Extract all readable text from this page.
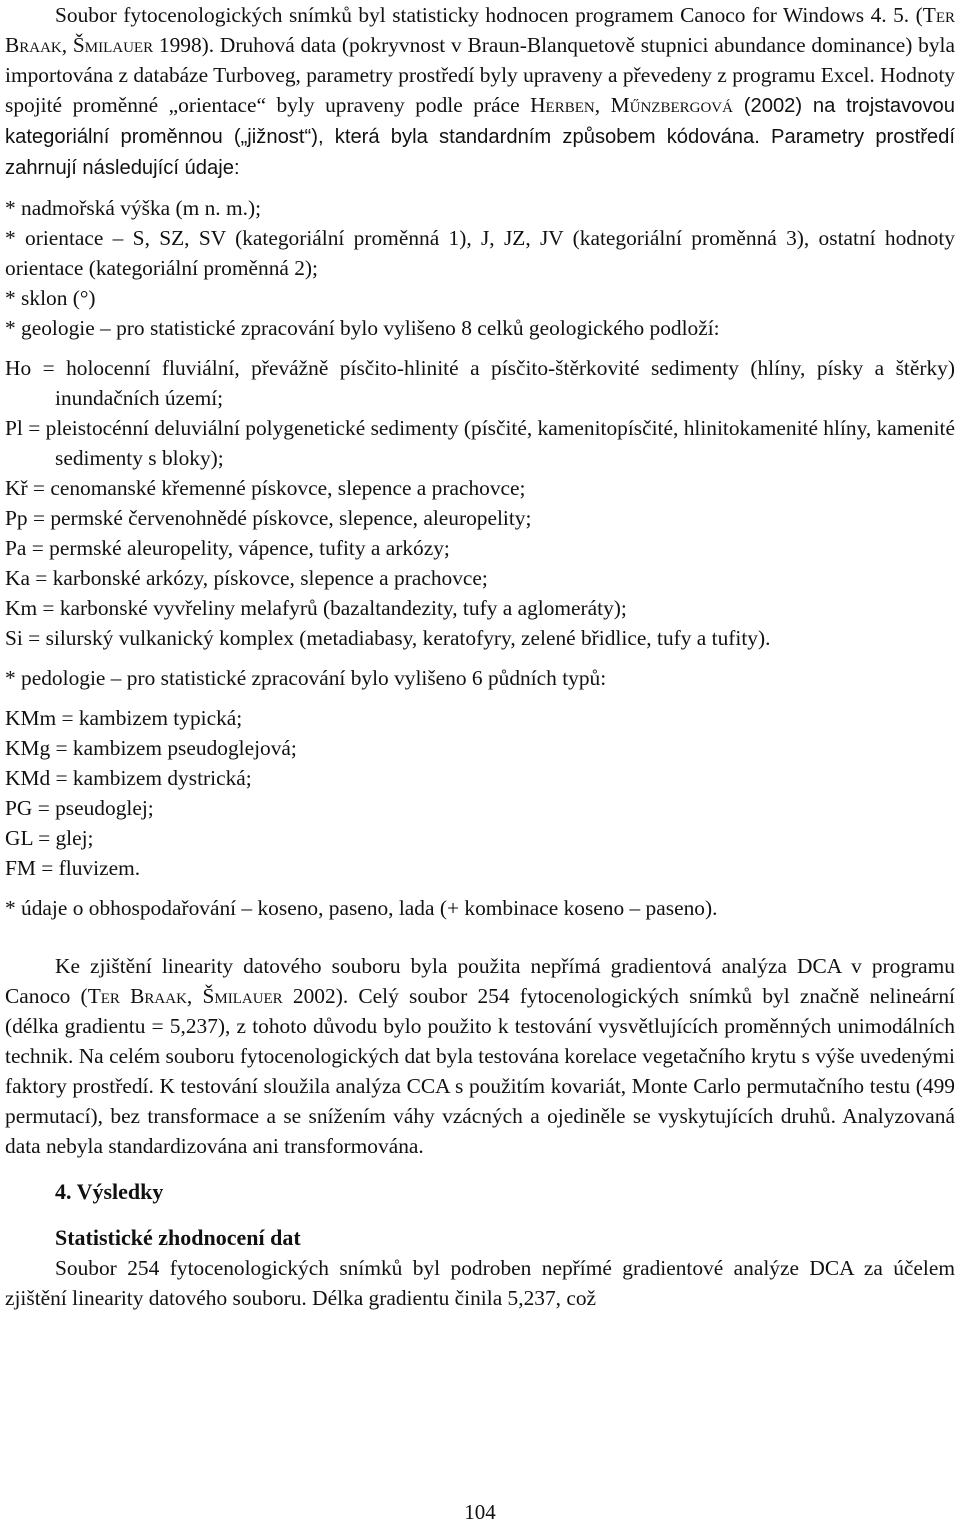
Soubor fytocenologických snímků byl statisticky hodnocen programem Canoco for Windows 4. 5. (Ter Braak, Šmilauer 1998). Druhová data (pokryvnost v Braun-Blanquetově stupnici abundance dominance) byla importována z databáze Turboveg, parametry prostředí byly upraveny a převedeny z programu Excel. Hodnoty spojité proměnné „orientace“ byly upraveny podle práce Herben, Műnzbergová (2002) na trojstavovou kategoriální proměnnou („jižnost“), která byla standardním způsobem kódována. Parametry prostředí zahrnují následující údaje:

* nadmořská výška (m n. m.);

* orientace – S, SZ, SV (kategoriální proměnná 1), J, JZ, JV (kategoriální proměnná 3), ostatní hodnoty orientace (kategoriální proměnná 2);

* sklon (°)

* geologie – pro statistické zpracování bylo vylišeno 8 celků geologického podloží:

Ho = holocenní fluviální, převážně písčito-hlinité a písčito-štěrkovité sedimenty (hlíny, písky a štěrky) inundačních území;

Pl = pleistocénní deluviální polygenetické sedimenty (písčité, kamenitopísčité, hlinitokamenité hlíny, kamenité sedimenty s bloky);

Kř = cenomanské křemenné pískovce, slepence a prachovce;

Pp = permské červenohnědé pískovce, slepence, aleuropelity;

Pa = permské aleuropelity, vápence, tufity a arkózy;

Ka = karbonské arkózy, pískovce, slepence a prachovce;

Km = karbonské vyvřeliny melafyrů (bazaltandezity, tufy a aglomeráty);

Si = silurský vulkanický komplex (metadiabasy, keratofyry, zelené břidlice, tufy a tufity).

* pedologie – pro statistické zpracování bylo vylišeno 6 půdních typů:

KMm = kambizem typická;

KMg = kambizem pseudoglejová;

KMd = kambizem dystrická;

PG = pseudoglej;

GL = glej;

FM = fluvizem.

* údaje o obhospodařování – koseno, paseno, lada (+ kombinace koseno – paseno).

Ke zjištění linearity datového souboru byla použita nepřímá gradientová analýza DCA v programu Canoco (Ter Braak, Šmilauer 2002). Celý soubor 254 fytocenologických snímků byl značně nelineární (délka gradientu = 5,237), z tohoto důvodu bylo použito k testování vysvětlujících proměnných unimodálních technik. Na celém souboru fytocenologických dat byla testována korelace vegetačního krytu s výše uvedenými faktory prostředí. K testování sloužila analýza CCA s použitím kovariát, Monte Carlo permutačního testu (499 permutací), bez transformace a se snížením váhy vzácných a ojediněle se vyskytujících druhů. Analyzovaná data nebyla standardizována ani transformována.

4. Výsledky

Statistické zhodnocení dat

Soubor 254 fytocenologických snímků byl podroben nepřímé gradientové analýze DCA za účelem zjištění linearity datového souboru. Délka gradientu činila 5,237, což

104
